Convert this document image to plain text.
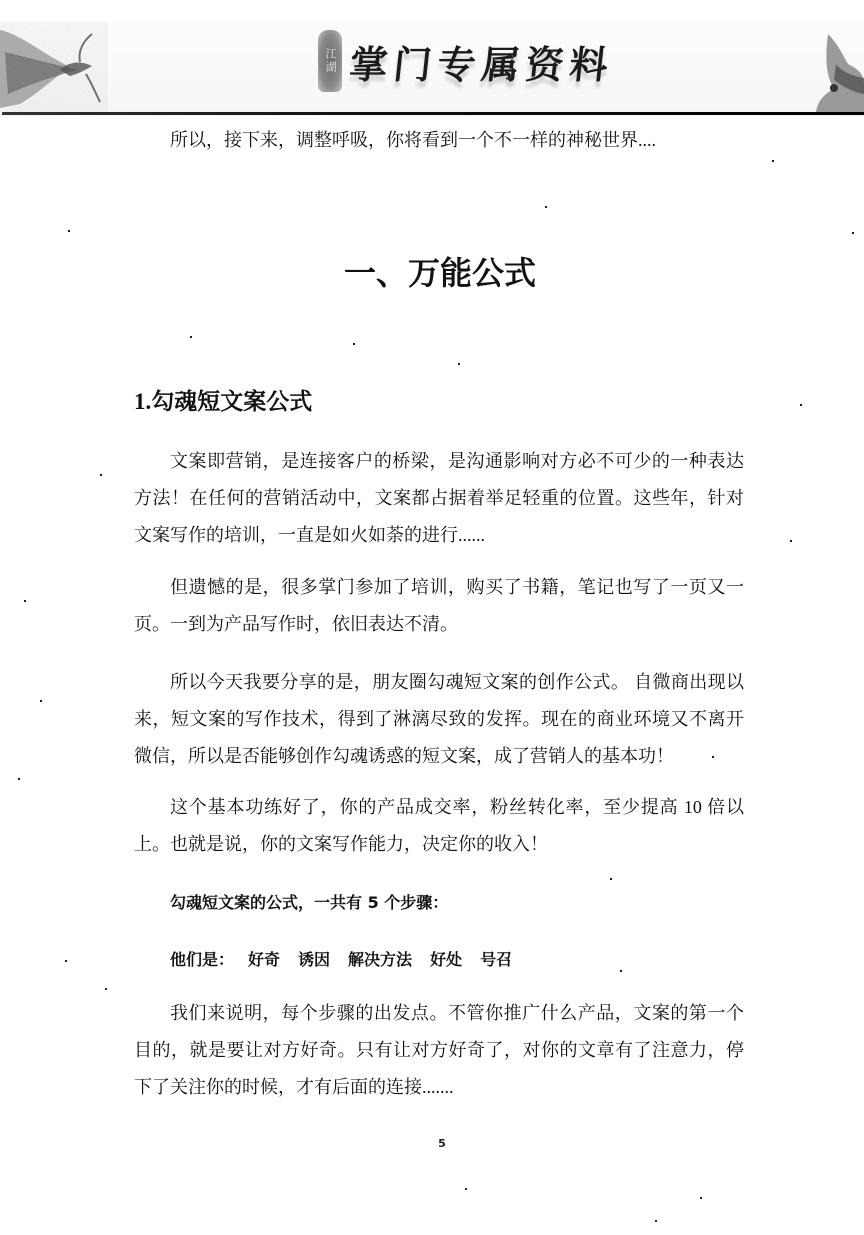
江湖 掌门专属资料
所以，接下来，调整呼吸，你将看到一个不一样的神秘世界....
一、万能公式
1.勾魂短文案公式
文案即营销，是连接客户的桥梁，是沟通影响对方必不可少的一种表达方法！在任何的营销活动中，文案都占据着举足轻重的位置。这些年，针对文案写作的培训，一直是如火如荼的进行......
但遗憾的是，很多掌门参加了培训，购买了书籍，笔记也写了一页又一页。一到为产品写作时，依旧表达不清。
所以今天我要分享的是，朋友圈勾魂短文案的创作公式。 自微商出现以来，短文案的写作技术，得到了淋漓尽致的发挥。现在的商业环境又不离开微信，所以是否能够创作勾魂诱惑的短文案，成了营销人的基本功！
这个基本功练好了，你的产品成交率，粉丝转化率，至少提高 10 倍以上。也就是说，你的文案写作能力，决定你的收入！
勾魂短文案的公式，一共有 5 个步骤：
他们是： 好奇 诱因 解决方法 好处 号召
我们来说明，每个步骤的出发点。不管你推广什么产品，文案的第一个目的，就是要让对方好奇。只有让对方好奇了，对你的文章有了注意力，停下了关注你的时候，才有后面的连接.......
5
